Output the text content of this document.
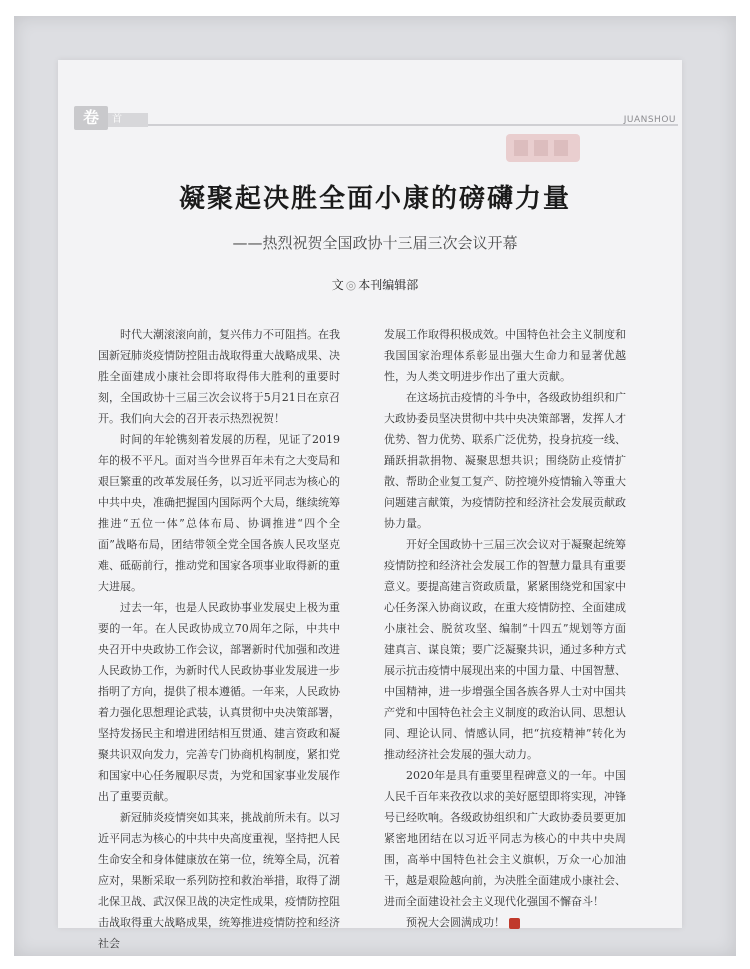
卷	首	JUANSHOU
凝聚起决胜全面小康的磅礴力量
——热烈祝贺全国政协十三届三次会议开幕
文 ◎ 本刊编辑部

时代大潮滚滚向前，复兴伟力不可阻挡。在我国新冠肺炎疫情防控阻击战取得重大战略成果、决胜全面建成小康社会即将取得伟大胜利的重要时刻，全国政协十三届三次会议将于5月21日在京召开。我们向大会的召开表示热烈祝贺！

时间的年轮镌刻着发展的历程，见证了2019年的极不平凡。面对当今世界百年未有之大变局和艰巨繁重的改革发展任务，以习近平同志为核心的中共中央，准确把握国内国际两个大局，继续统筹推进“五位一体”总体布局、协调推进“四个全面”战略布局，团结带领全党全国各族人民攻坚克难、砥砺前行，推动党和国家各项事业取得新的重大进展。

过去一年，也是人民政协事业发展史上极为重要的一年。在人民政协成立70周年之际，中共中央召开中央政协工作会议，部署新时代加强和改进人民政协工作，为新时代人民政协事业发展进一步指明了方向，提供了根本遵循。一年来，人民政协着力强化思想理论武装，认真贯彻中央决策部署，坚持发扬民主和增进团结相互贯通、建言资政和凝聚共识双向发力，完善专门协商机构制度，紧扣党和国家中心任务履职尽责，为党和国家事业发展作出了重要贡献。

新冠肺炎疫情突如其来，挑战前所未有。以习近平同志为核心的中共中央高度重视，坚持把人民生命安全和身体健康放在第一位，统筹全局，沉着应对，果断采取一系列防控和救治举措，取得了湖北保卫战、武汉保卫战的决定性成果，疫情防控阻击战取得重大战略成果，统筹推进疫情防控和经济社会

发展工作取得积极成效。中国特色社会主义制度和我国国家治理体系彰显出强大生命力和显著优越性，为人类文明进步作出了重大贡献。

在这场抗击疫情的斗争中，各级政协组织和广大政协委员坚决贯彻中共中央决策部署，发挥人才优势、智力优势、联系广泛优势，投身抗疫一线、踊跃捐款捐物、凝聚思想共识；围绕防止疫情扩散、帮助企业复工复产、防控境外疫情输入等重大问题建言献策，为疫情防控和经济社会发展贡献政协力量。

开好全国政协十三届三次会议对于凝聚起统筹疫情防控和经济社会发展工作的智慧力量具有重要意义。要提高建言资政质量，紧紧围绕党和国家中心任务深入协商议政，在重大疫情防控、全面建成小康社会、脱贫攻坚、编制“十四五”规划等方面建真言、谋良策；要广泛凝聚共识，通过多种方式展示抗击疫情中展现出来的中国力量、中国智慧、中国精神，进一步增强全国各族各界人士对中国共产党和中国特色社会主义制度的政治认同、思想认同、理论认同、情感认同，把“抗疫精神”转化为推动经济社会发展的强大动力。

2020年是具有重要里程碑意义的一年。中国人民千百年来孜孜以求的美好愿望即将实现，冲锋号已经吹响。各级政协组织和广大政协委员要更加紧密地团结在以习近平同志为核心的中共中央周围，高举中国特色社会主义旗帜，万众一心加油干，越是艰险越向前，为决胜全面建成小康社会、进而全面建设社会主义现代化强国不懈奋斗！

预祝大会圆满成功！
